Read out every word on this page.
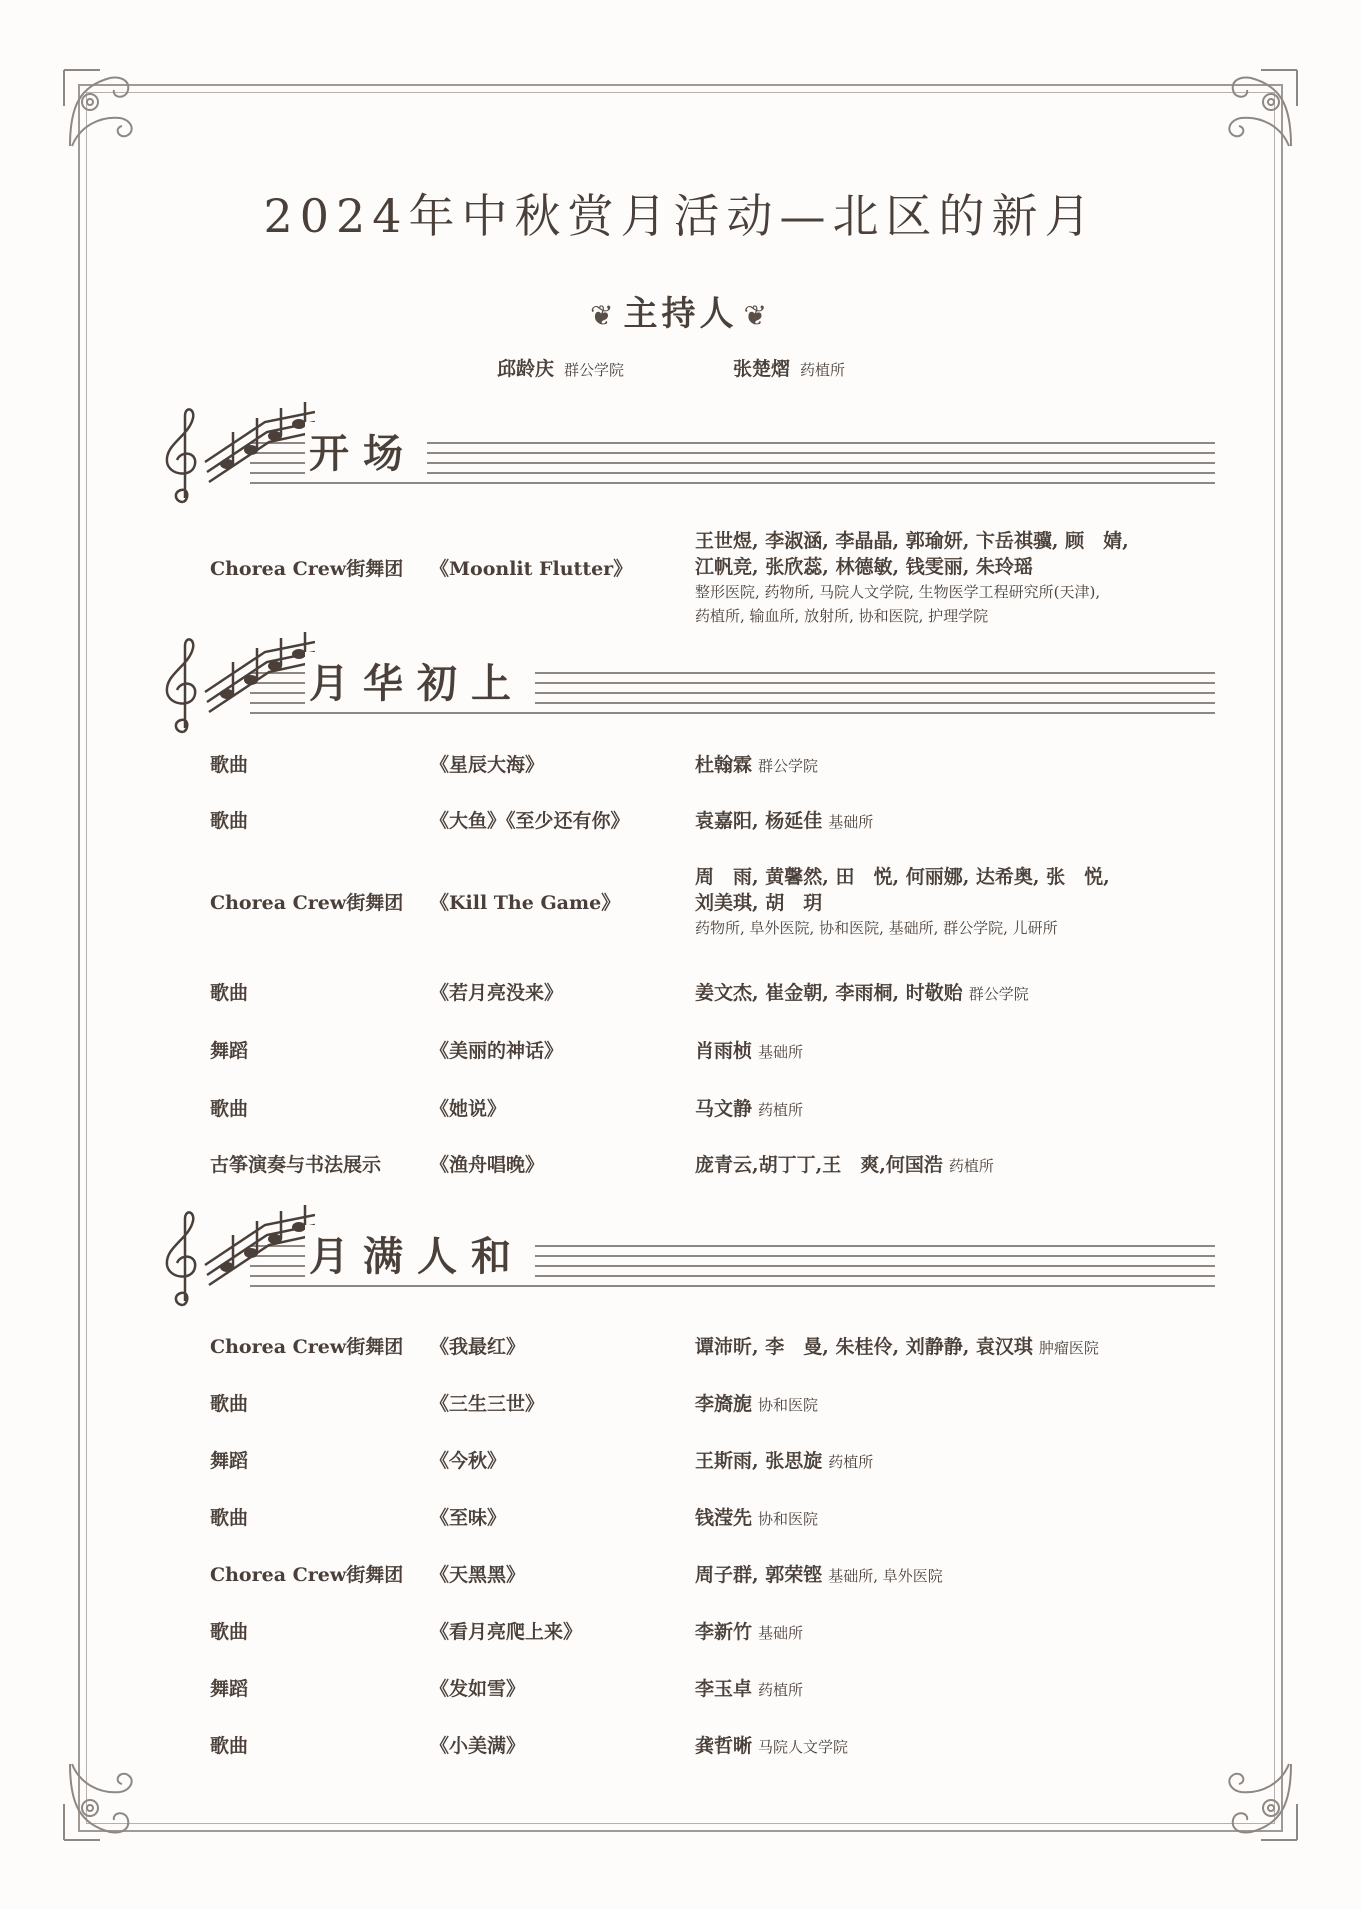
2024年中秋赏月活动—北区的新月
❦ 主持人 ❦
邱龄庆 群公学院	张楚熠 药植所
开场
Chorea Crew街舞团	《Moonlit Flutter》
王世煜, 李淑涵, 李晶晶, 郭瑜妍, 卞岳祺骥, 顾　婧,
江帆竞, 张欣蕊, 林德敏, 钱雯丽, 朱玲瑶
整形医院, 药物所, 马院人文学院, 生物医学工程研究所(天津),
药植所, 输血所, 放射所, 协和医院, 护理学院
月华初上
歌曲	《星辰大海》	杜翰霖 群公学院
歌曲	《大鱼》《至少还有你》	袁嘉阳, 杨延佳 基础所
Chorea Crew街舞团	《Kill The Game》
周　雨, 黄馨然, 田　悦, 何丽娜, 达希奥, 张　悦,
刘美琪, 胡　玥
药物所, 阜外医院, 协和医院, 基础所, 群公学院, 儿研所
歌曲	《若月亮没来》	姜文杰, 崔金朝, 李雨桐, 时敬贻 群公学院
舞蹈	《美丽的神话》	肖雨桢 基础所
歌曲	《她说》	马文静 药植所
古筝演奏与书法展示	《渔舟唱晚》	庞青云,胡丁丁,王　爽,何国浩 药植所
月满人和
Chorea Crew街舞团	《我最红》	谭沛昕, 李　曼, 朱桂伶, 刘静静, 袁汉琪 肿瘤医院
歌曲	《三生三世》	李旖旎 协和医院
舞蹈	《今秋》	王斯雨, 张思旋 药植所
歌曲	《至味》	钱滢先 协和医院
Chorea Crew街舞团	《天黑黑》	周子群, 郭荣铿 基础所, 阜外医院
歌曲	《看月亮爬上来》	李新竹 基础所
舞蹈	《发如雪》	李玉卓 药植所
歌曲	《小美满》	龚哲晰 马院人文学院
